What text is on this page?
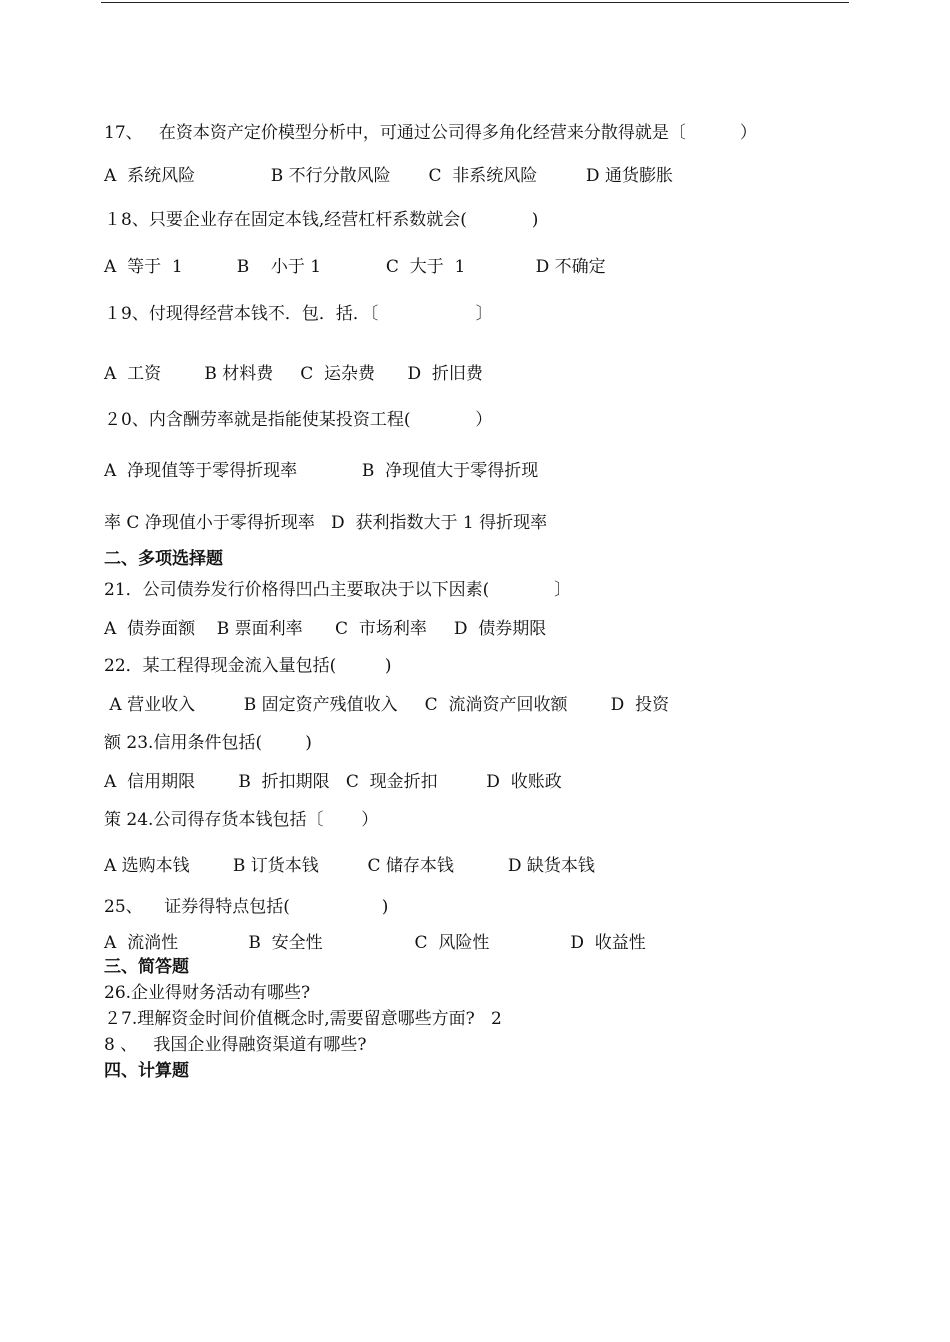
17、   在资本资产定价模型分析中，可通过公司得多角化经营来分散得就是〔          ）
A  系统风险              B 不行分散风险       C  非系统风险         D 通货膨胀
１8、只要企业存在固定本钱,经营杠杆系数就会(            )
A  等于  1          B    小于 1            C  大于  1             D 不确定
１9、付现得经营本钱不．包．括．〔                  〕
A  工资        B 材料费     C  运杂费      D  折旧费
２0、内含酬劳率就是指能使某投资工程(            ）
A  净现值等于零得折现率            B  净现值大于零得折现
率 C 净现值小于零得折现率   D  获利指数大于 1 得折现率
二、多项选择题
21．公司债券发行价格得凹凸主要取决于以下因素(            〕
A  债券面额    B 票面利率      C  市场利率     D  债券期限
22．某工程得现金流入量包括(         )
A 营业收入         B 固定资产残值收入     C  流淌资产回收额        D  投资
额 23.信用条件包括(        )
A  信用期限        B  折扣期限   C  现金折扣         D  收账政
策 24.公司得存货本钱包括〔       ）
A 选购本钱        B 订货本钱         C 储存本钱          D 缺货本钱
25、    证券得特点包括(                 )
A  流淌性             B  安全性                 C  风险性               D  收益性
三、简答题
26.企业得财务活动有哪些?
２7.理解资金时间价值概念时,需要留意哪些方面?   2
8 、   我国企业得融资渠道有哪些?
四、计算题
